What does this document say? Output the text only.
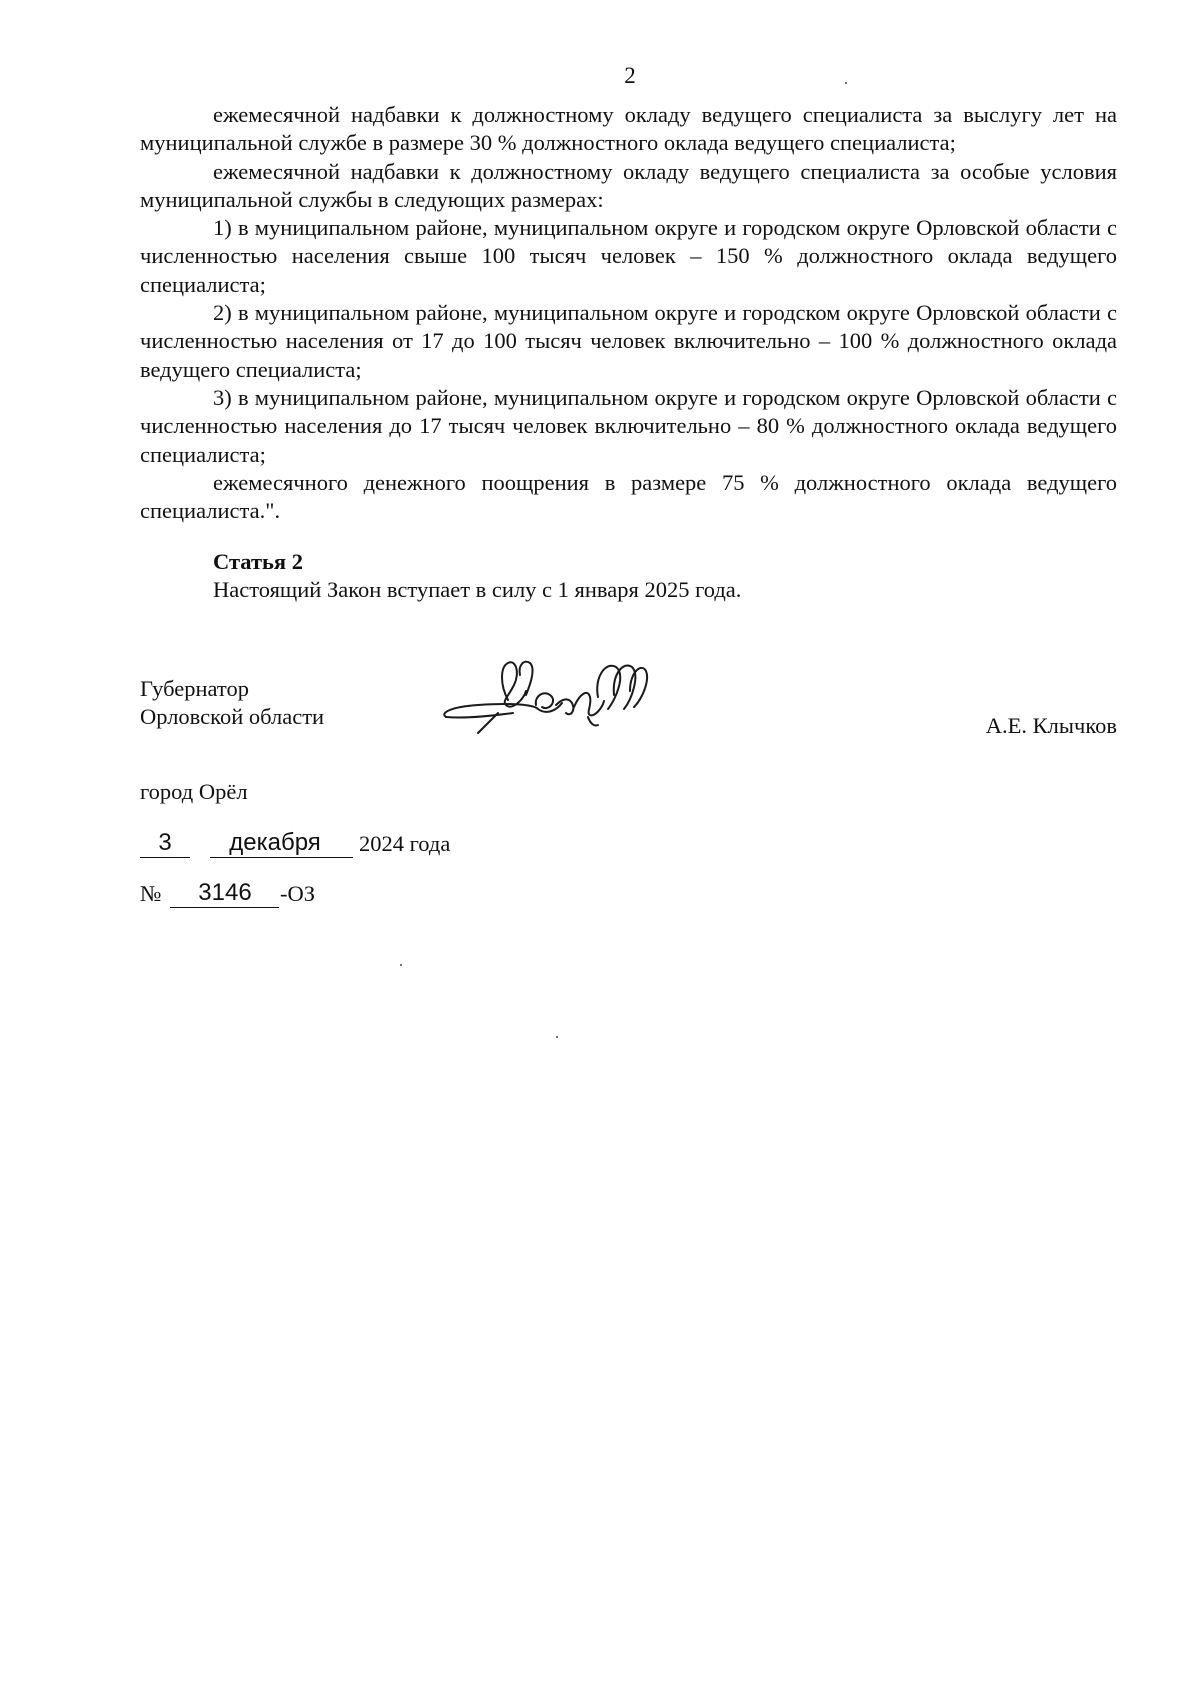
2

ежемесячной надбавки к должностному окладу ведущего специалиста за выслугу лет на муниципальной службе в размере 30 % должностного оклада ведущего специалиста;

ежемесячной надбавки к должностному окладу ведущего специалиста за особые условия муниципальной службы в следующих размерах:

1) в муниципальном районе, муниципальном округе и городском округе Орловской области с численностью населения свыше 100 тысяч человек – 150 % должностного оклада ведущего специалиста;

2) в муниципальном районе, муниципальном округе и городском округе Орловской области с численностью населения от 17 до 100 тысяч человек включительно – 100 % должностного оклада ведущего специалиста;

3) в муниципальном районе, муниципальном округе и городском округе Орловской области с численностью населения до 17 тысяч человек включительно – 80 % должностного оклада ведущего специалиста;

ежемесячного денежного поощрения в размере 75 % должностного оклада ведущего специалиста.".

Статья 2
Настоящий Закон вступает в силу с 1 января 2025 года.
Губернатор
Орловской области	А.Е. Клычков
город Орёл
3	декабря	2024 года
№	3146	-ОЗ
